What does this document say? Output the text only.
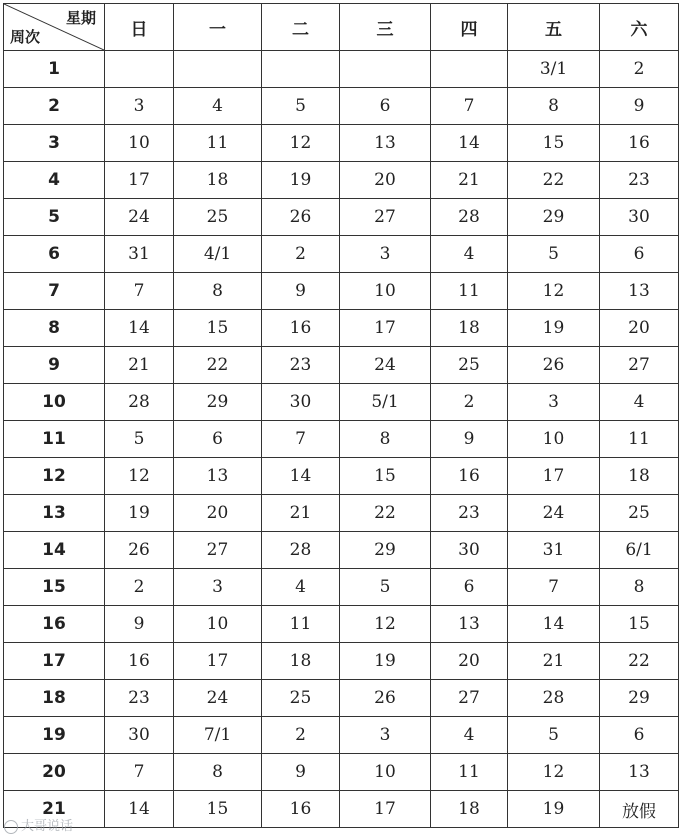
星期
周次	日	一	二	三	四	五	六
1						3/1	2
2	3	4	5	6	7	8	9
3	10	11	12	13	14	15	16
4	17	18	19	20	21	22	23
5	24	25	26	27	28	29	30
6	31	4/1	2	3	4	5	6
7	7	8	9	10	11	12	13
8	14	15	16	17	18	19	20
9	21	22	23	24	25	26	27
10	28	29	30	5/1	2	3	4
11	5	6	7	8	9	10	11
12	12	13	14	15	16	17	18
13	19	20	21	22	23	24	25
14	26	27	28	29	30	31	6/1
15	2	3	4	5	6	7	8
16	9	10	11	12	13	14	15
17	16	17	18	19	20	21	22
18	23	24	25	26	27	28	29
19	30	7/1	2	3	4	5	6
20	7	8	9	10	11	12	13
21	14	15	16	17	18	19	放假
大哥说话
